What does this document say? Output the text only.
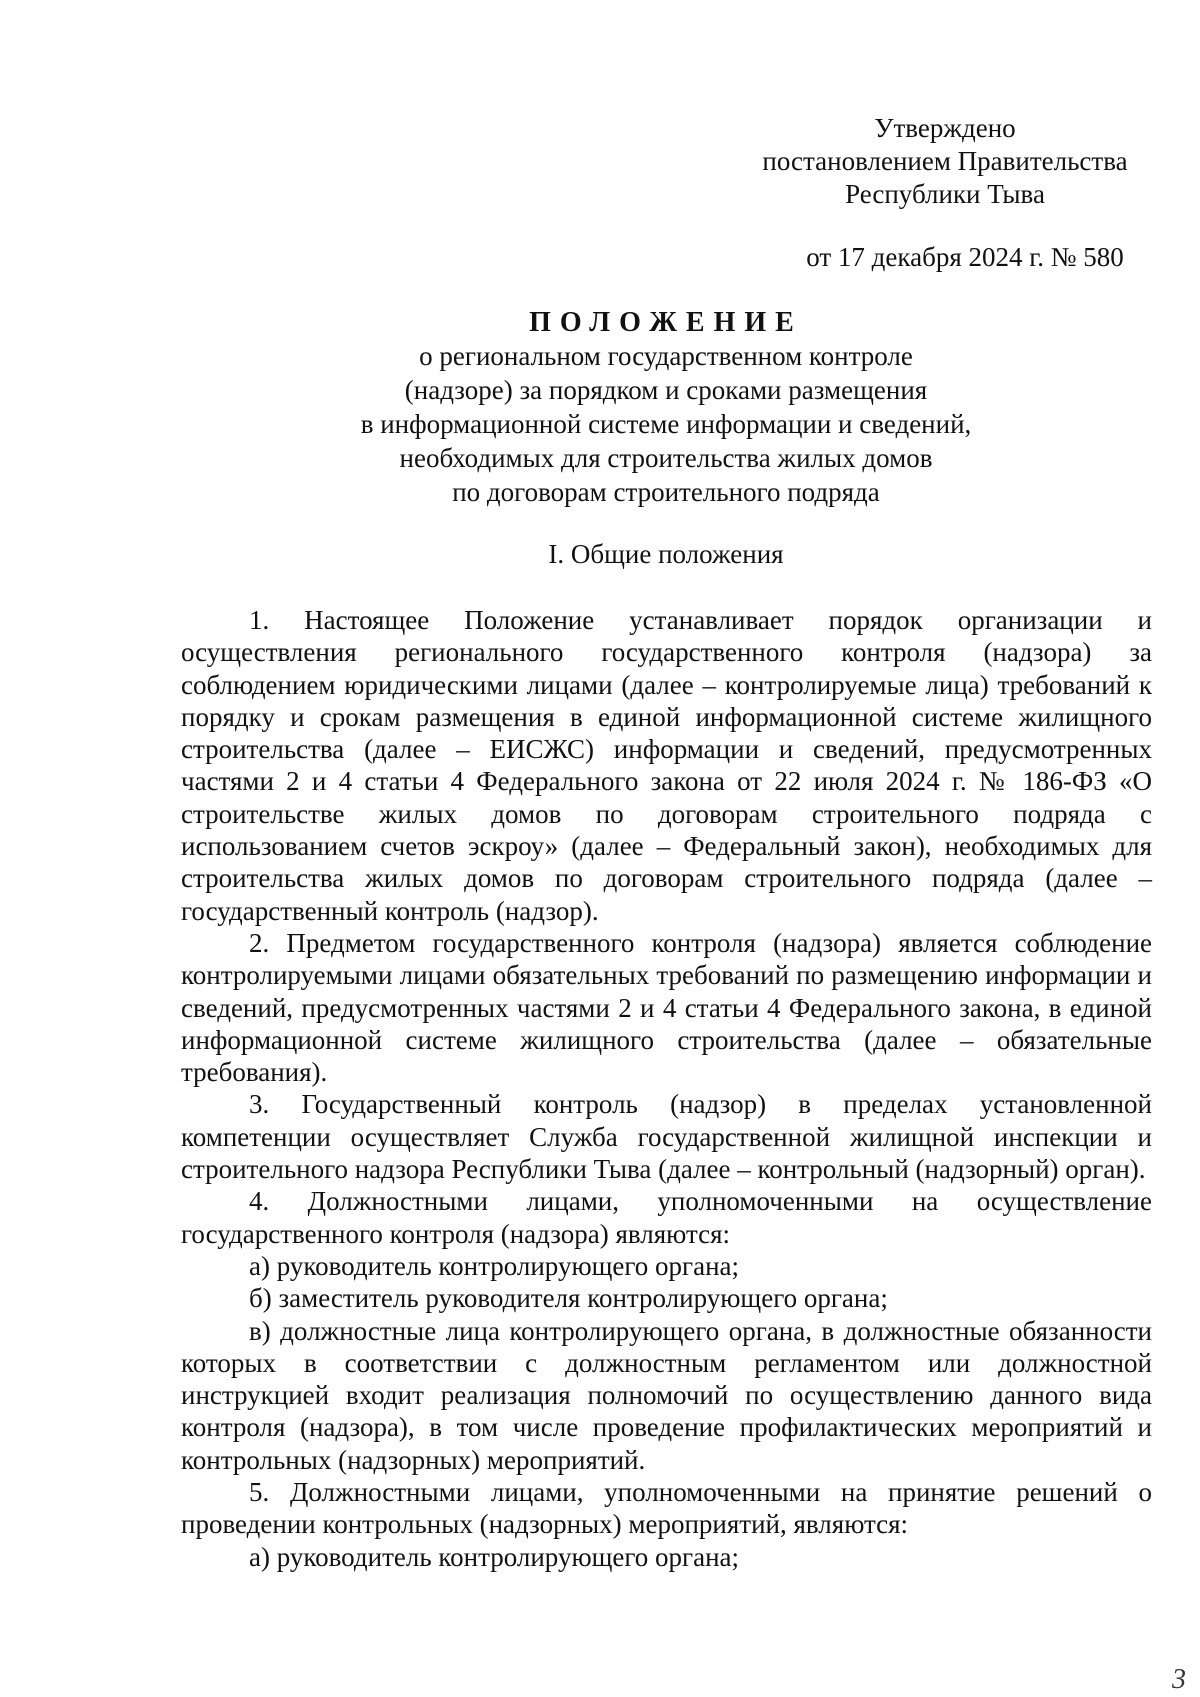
Утверждено
постановлением Правительства
Республики Тыва
от 17 декабря 2024 г. № 580
ПОЛОЖЕНИЕ
о региональном государственном контроле
(надзоре) за порядком и сроками размещения
в информационной системе информации и сведений,
необходимых для строительства жилых домов
по договорам строительного подряда
I. Общие положения

1. Настоящее Положение устанавливает порядок организации и осуществления регионального государственного контроля (надзора) за соблюдением юридическими лицами (далее – контролируемые лица) требований к порядку и срокам размещения в единой информационной системе жилищного строительства (далее – ЕИСЖС) информации и сведений, предусмотренных частями 2 и 4 статьи 4 Федерального закона от 22 июля 2024 г. № 186-ФЗ «О строительстве жилых домов по договорам строительного подряда с использованием счетов эскроу» (далее – Федеральный закон), необходимых для строительства жилых домов по договорам строительного подряда (далее – государственный контроль (надзор).

2. Предметом государственного контроля (надзора) является соблюдение контролируемыми лицами обязательных требований по размещению информации и сведений, предусмотренных частями 2 и 4 статьи 4 Федерального закона, в единой информационной системе жилищного строительства (далее – обязательные требования).

3. Государственный контроль (надзор) в пределах установленной компетенции осуществляет Служба государственной жилищной инспекции и строительного надзора Республики Тыва (далее – контрольный (надзорный) орган).

4. Должностными лицами, уполномоченными на осуществление государственного контроля (надзора) являются:

а) руководитель контролирующего органа;

б) заместитель руководителя контролирующего органа;

в) должностные лица контролирующего органа, в должностные обязанности которых в соответствии с должностным регламентом или должностной инструкцией входит реализация полномочий по осуществлению данного вида контроля (надзора), в том числе проведение профилактических мероприятий и контрольных (надзорных) мероприятий.

5. Должностными лицами, уполномоченными на принятие решений о проведении контрольных (надзорных) мероприятий, являются:

а) руководитель контролирующего органа;

3
